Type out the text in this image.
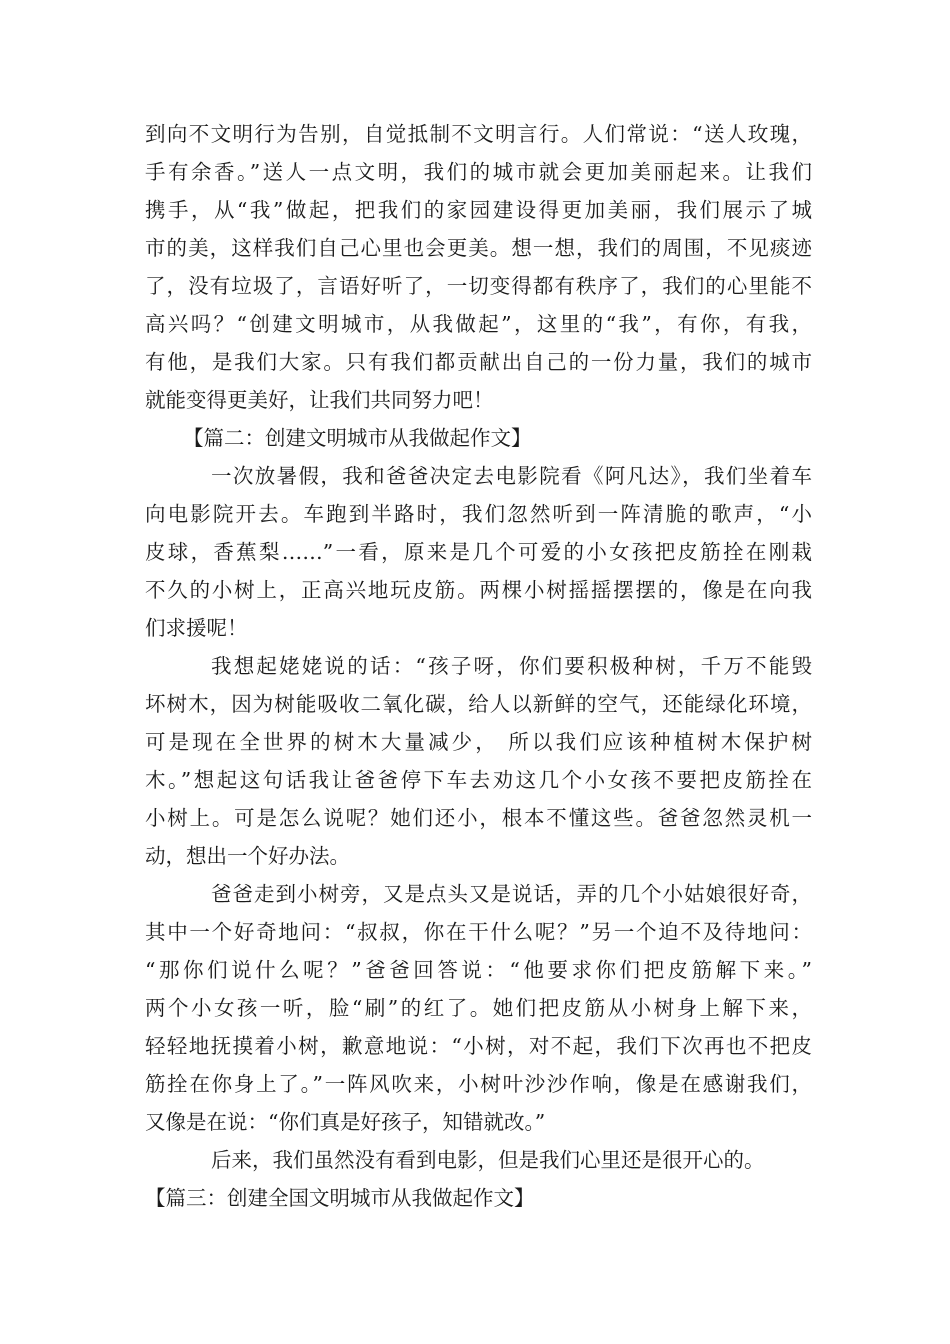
到向不文明行为告别，自觉抵制不文明言行。人们常说：“送人玫瑰，
手有余香。”送人一点文明，我们的城市就会更加美丽起来。让我们
携手，从“我”做起，把我们的家园建设得更加美丽，我们展示了城
市的美，这样我们自己心里也会更美。想一想，我们的周围，不见痰迹
了，没有垃圾了，言语好听了，一切变得都有秩序了，我们的心里能不
高兴吗？“创建文明城市，从我做起”，这里的“我”，有你，有我，
有他，是我们大家。只有我们都贡献出自己的一份力量，我们的城市
就能变得更美好，让我们共同努力吧！
【篇二：创建文明城市从我做起作文】
一次放暑假，我和爸爸决定去电影院看《阿凡达》，我们坐着车
向电影院开去。车跑到半路时，我们忽然听到一阵清脆的歌声，“小
皮球，香蕉梨……”一看，原来是几个可爱的小女孩把皮筋拴在刚栽
不久的小树上，正高兴地玩皮筋。两棵小树摇摇摆摆的，像是在向我
们求援呢！
我想起姥姥说的话：“孩子呀，你们要积极种树，千万不能毁
坏树木，因为树能吸收二氧化碳，给人以新鲜的空气，还能绿化环境，
可是现在全世界的树木大量减少， 所以我们应该种植树木保护树
木。”想起这句话我让爸爸停下车去劝这几个小女孩不要把皮筋拴在
小树上。可是怎么说呢？她们还小，根本不懂这些。爸爸忽然灵机一
动，想出一个好办法。
爸爸走到小树旁，又是点头又是说话，弄的几个小姑娘很好奇，
其中一个好奇地问：“叔叔，你在干什么呢？”另一个迫不及待地问：
“那你们说什么呢？”爸爸回答说：“他要求你们把皮筋解下来。”
两个小女孩一听，脸“刷”的红了。她们把皮筋从小树身上解下来，
轻轻地抚摸着小树，歉意地说：“小树，对不起，我们下次再也不把皮
筋拴在你身上了。”一阵风吹来，小树叶沙沙作响，像是在感谢我们，
又像是在说：“你们真是好孩子，知错就改。”
后来，我们虽然没有看到电影，但是我们心里还是很开心的。
【篇三：创建全国文明城市从我做起作文】
